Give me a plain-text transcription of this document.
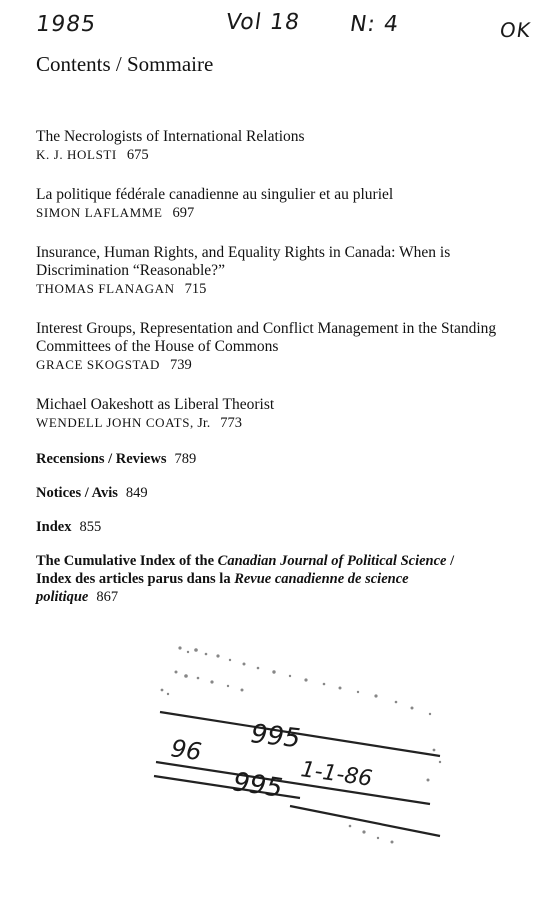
1985	Vol 18 N: 4	OK
Contents / Sommaire
The Necrologists of International Relations
K. J. HOLSTI 675
La politique fédérale canadienne au singulier et au pluriel
SIMON LAFLAMME 697
Insurance, Human Rights, and Equality Rights in Canada: When is Discrimination “Reasonable?”
THOMAS FLANAGAN 715
Interest Groups, Representation and Conflict Management in the Standing Committees of the House of Commons
GRACE SKOGSTAD 739
Michael Oakeshott as Liberal Theorist
WENDELL JOHN COATS, Jr. 773
Recensions / Reviews 789
Notices / Avis 849
Index 855
The Cumulative Index of the Canadian Journal of Political Science / Index des articles parus dans la Revue canadienne de science politique 867
96 995
1-1-86
995
